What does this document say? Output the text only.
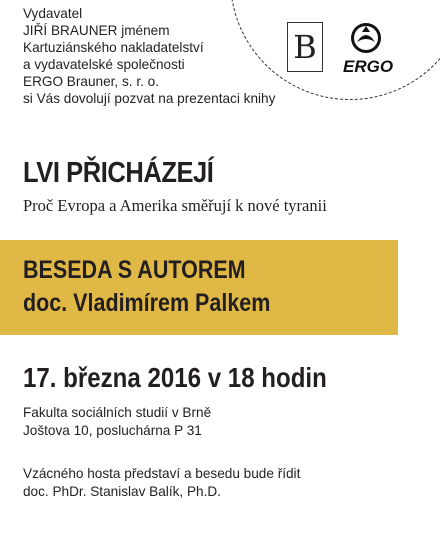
Vydavatel
JIŘÍ BRAUNER jménem
Kartuziánského nakladatelství
a vydavatelské společnosti
ERGO Brauner, s. r. o.
si Vás dovolují pozvat na prezentaci knihy
B
ERGO
LVI PŘICHÁZEJÍ
Proč Evropa a Amerika směřují k nové tyranii
BESEDA S AUTOREM
doc. Vladimírem Palkem
17. března 2016 v 18 hodin
Fakulta sociálních studií v Brně
Joštova 10, posluchárna P 31
Vzácného hosta představí a besedu bude řídit
doc. PhDr. Stanislav Balík, Ph.D.
